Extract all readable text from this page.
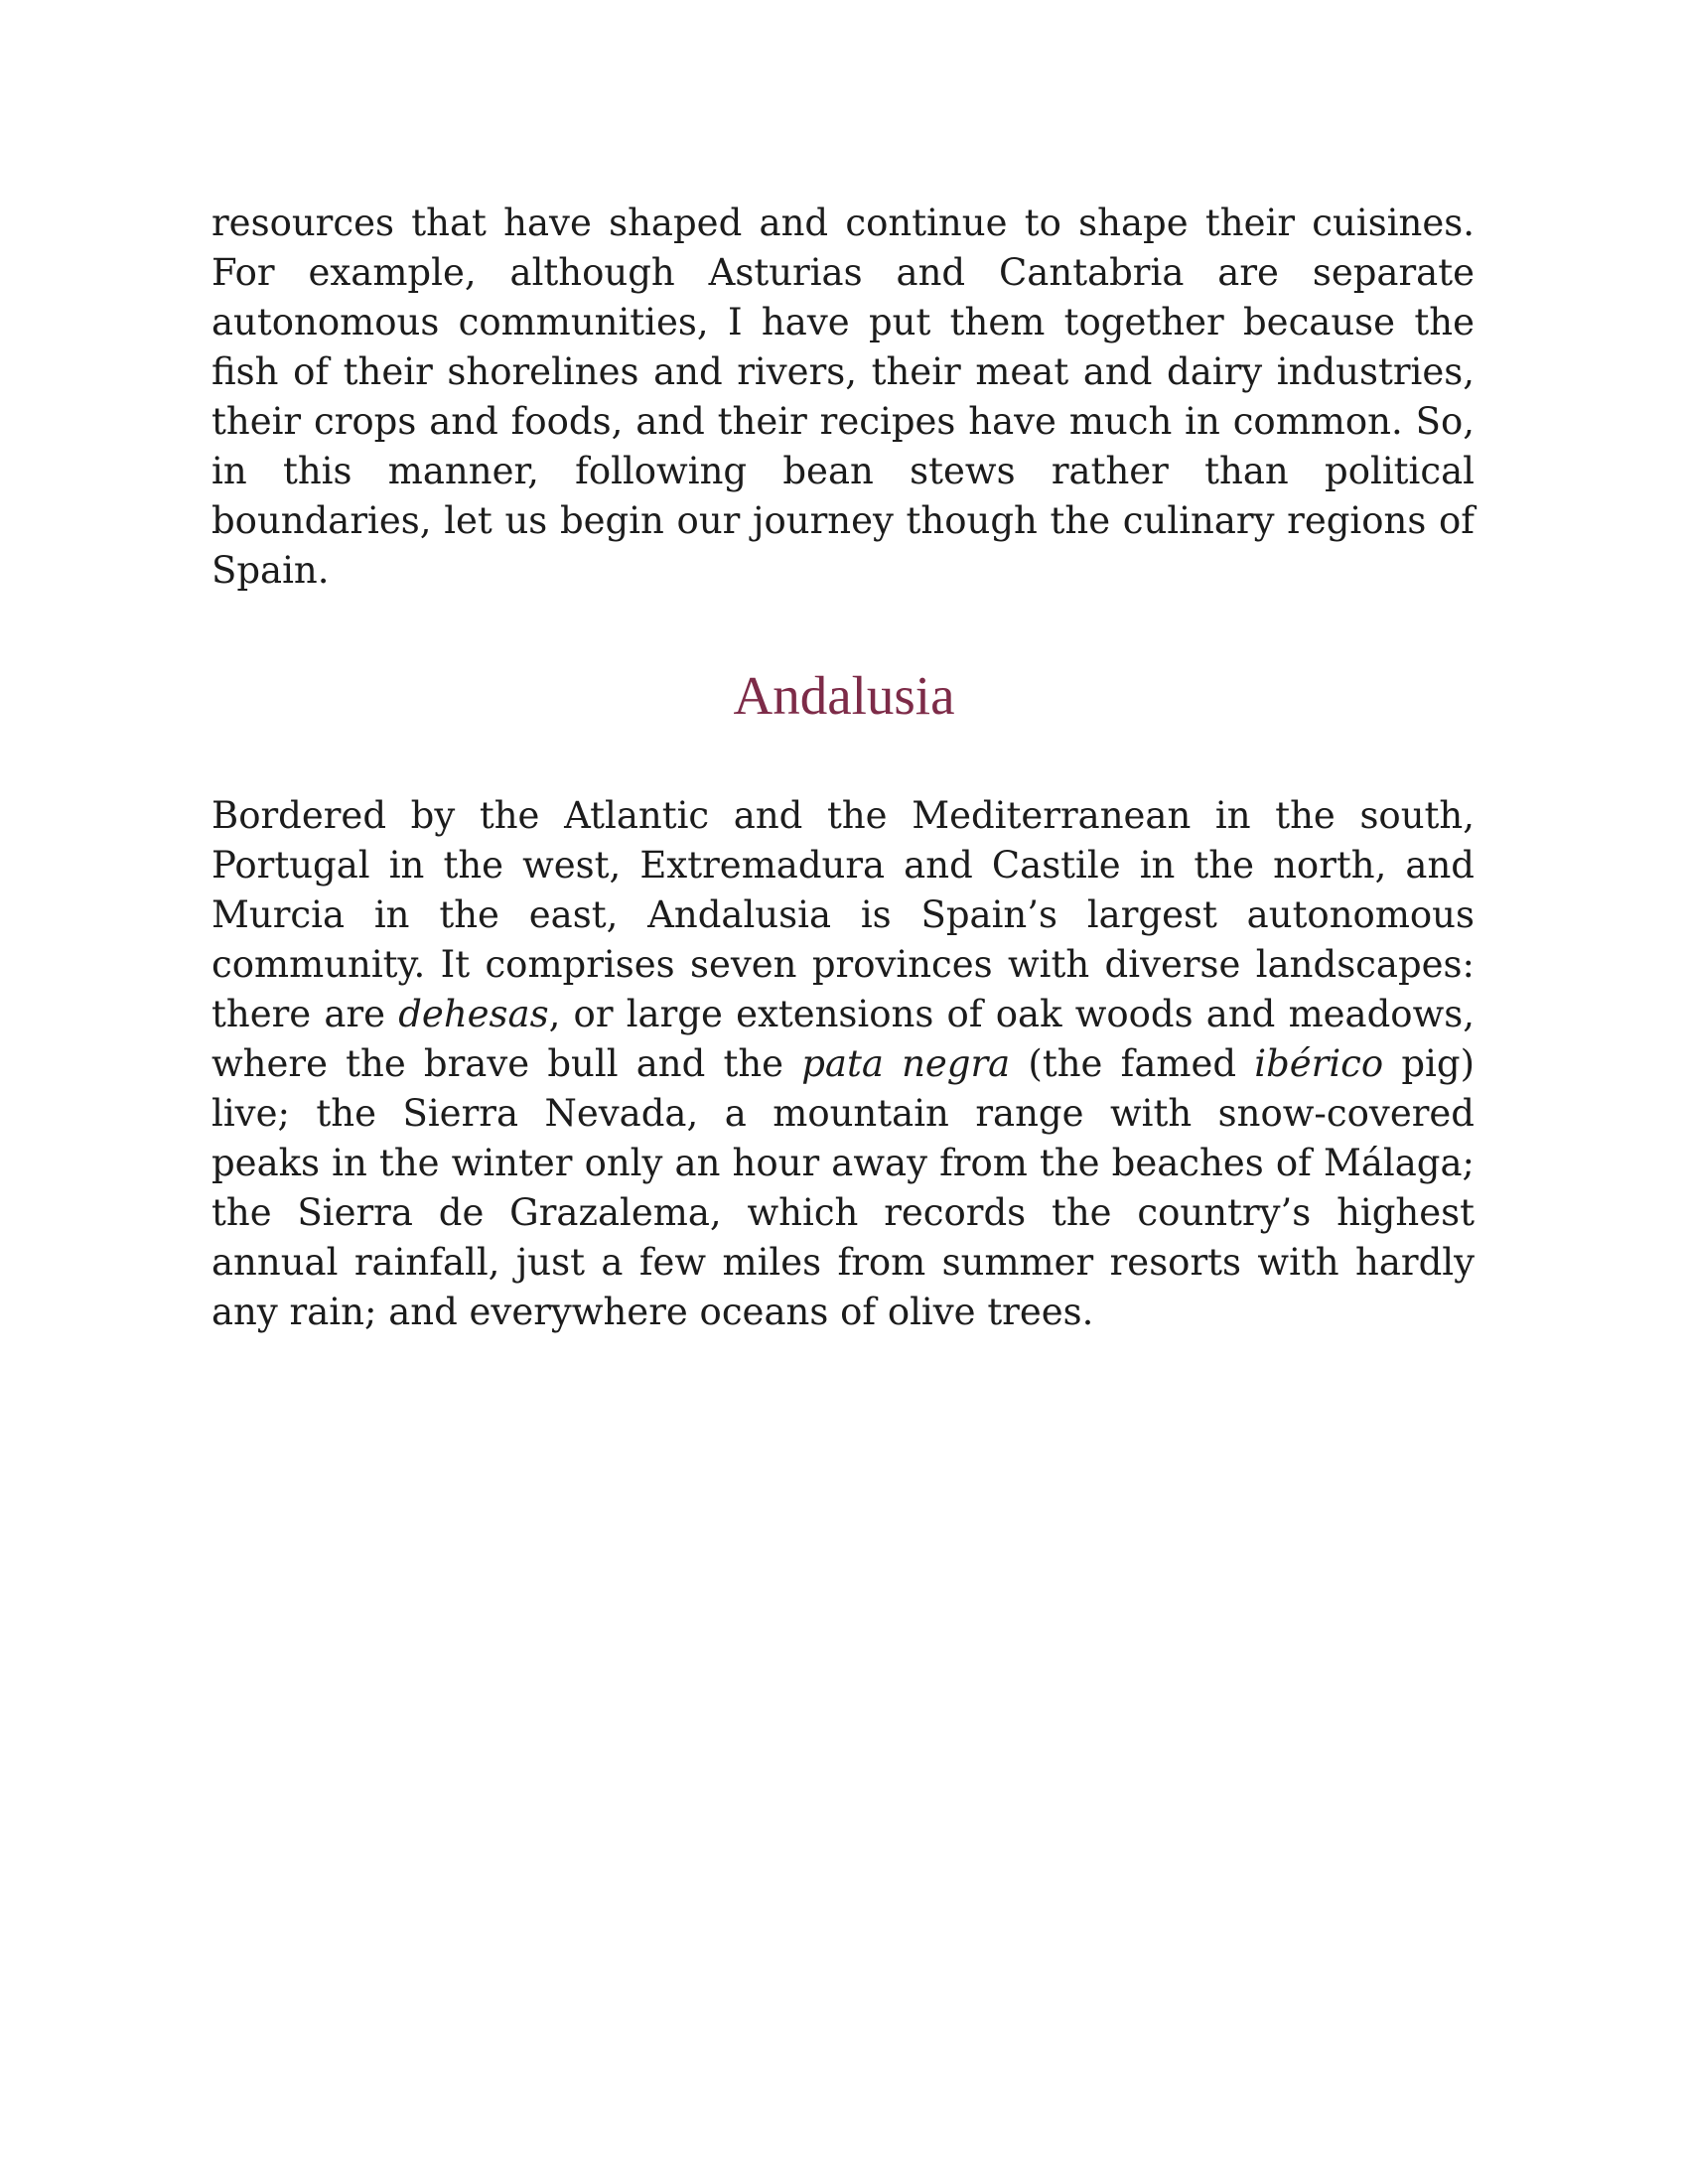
resources that have shaped and continue to shape their cuisines. For example, although Asturias and Cantabria are separate autonomous communities, I have put them together because the fish of their shorelines and rivers, their meat and dairy industries, their crops and foods, and their recipes have much in common. So, in this manner, following bean stews rather than political boundaries, let us begin our journey though the culinary regions of Spain.

Andalusia

Bordered by the Atlantic and the Mediterranean in the south, Portugal in the west, Extremadura and Castile in the north, and Murcia in the east, Andalusia is Spain’s largest autonomous community. It comprises seven provinces with diverse landscapes: there are dehesas, or large extensions of oak woods and meadows, where the brave bull and the pata negra (the famed ibérico pig) live; the Sierra Nevada, a mountain range with snow-covered peaks in the winter only an hour away from the beaches of Málaga; the Sierra de Grazalema, which records the country’s highest annual rainfall, just a few miles from summer resorts with hardly any rain; and everywhere oceans of olive trees.
